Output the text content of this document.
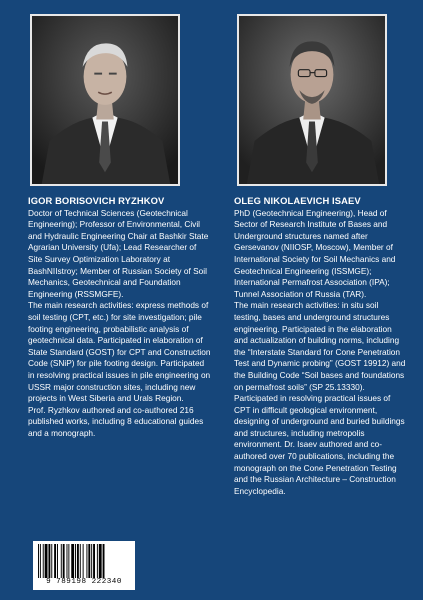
IGOR BORISOVICH RYZHKOV

Doctor of Technical Sciences (Geotechnical Engineering); Professor of Environmental, Civil and Hydraulic Engineering Chair at Bashkir State Agrarian University (Ufa); Lead Researcher of Site Survey Optimization Laboratory at BashNIIstroy; Member of Russian Society of Soil Mechanics, Geotechnical and Foundation Engineering (RSSMGFE).

The main research activities: express methods of soil testing (CPT, etc.) for site investigation; pile footing engineering, probabilistic analysis of geotechnical data. Participated in elaboration of State Standard (GOST) for CPT and Construction Code (SNiP) for pile footing design. Participated in resolving practical issues in pile engineering on USSR major construction sites, including new projects in West Siberia and Urals Region.

Prof. Ryzhkov authored and co-authored 216 published works, including 8 educational guides and a monograph.

OLEG NIKOLAEVICH ISAEV

PhD (Geotechnical Engineering), Head of Sector of Research Institute of Bases and Underground structures named after Gersevanov (NIIOSP, Moscow), Member of International Society for Soil Mechanics and Geotechnical Engineering (ISSMGE); International Permafrost Association (IPA); Tunnel Association of Russia (TAR).

The main research activities: in situ soil testing, bases and underground structures engineering. Participated in the elaboration and actualization of building norms, including the “Interstate Standard for Cone Penetration Test and Dynamic probing” (GOST 19912) and the Building Code “Soil bases and foundations on permafrost soils” (SP 25.13330). Participated in resolving practical issues of CPT in difficult geological environment, designing of underground and buried buildings and structures, including metropolis environment. Dr. Isaev authored and co-authored over 70 publications, including the monograph on the Cone Penetration Testing and the Russian Architecture – Construction Encyclopedia.

9 789198 222340
